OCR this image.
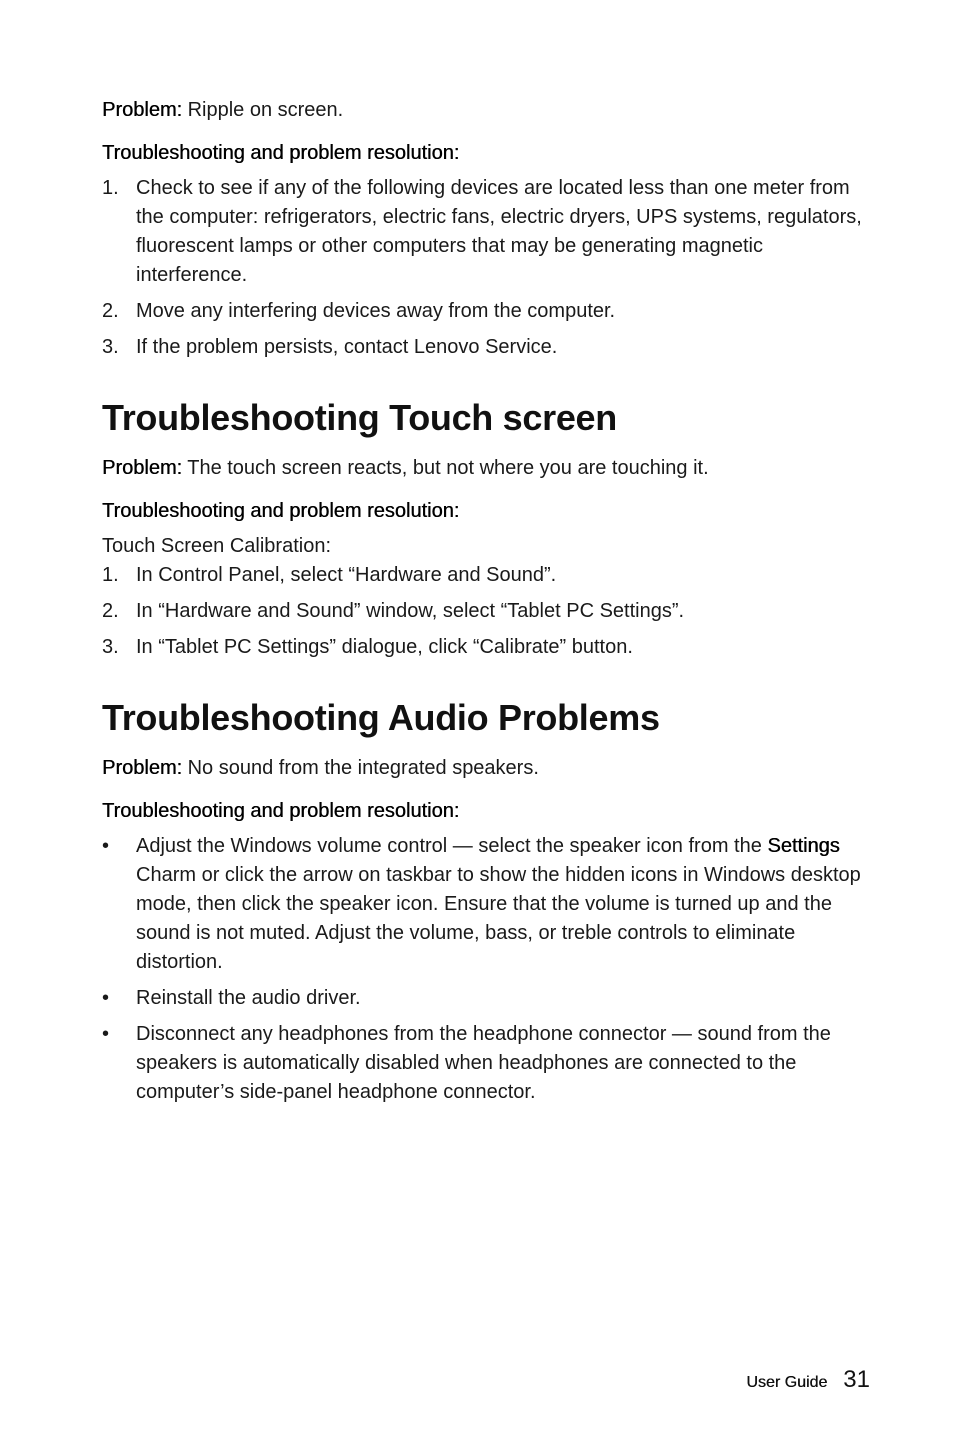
Problem: Ripple on screen.

Troubleshooting and problem resolution:

1. Check to see if any of the following devices are located less than one meter from the computer: refrigerators, electric fans, electric dryers, UPS systems, regulators, fluorescent lamps or other computers that may be generating magnetic interference.
2. Move any interfering devices away from the computer.
3. If the problem persists, contact Lenovo Service.
Troubleshooting Touch screen

Problem: The touch screen reacts, but not where you are touching it.

Troubleshooting and problem resolution:

Touch Screen Calibration:

1. In Control Panel, select “Hardware and Sound”.
2. In “Hardware and Sound” window, select “Tablet PC Settings”.
3. In “Tablet PC Settings” dialogue, click “Calibrate” button.
Troubleshooting Audio Problems

Problem: No sound from the integrated speakers.

Troubleshooting and problem resolution:

• Adjust the Windows volume control — select the speaker icon from the Settings Charm or click the arrow on taskbar to show the hidden icons in Windows desktop mode, then click the speaker icon. Ensure that the volume is turned up and the sound is not muted. Adjust the volume, bass, or treble controls to eliminate distortion.
• Reinstall the audio driver.
• Disconnect any headphones from the headphone connector — sound from the speakers is automatically disabled when headphones are connected to the computer’s side-panel headphone connector.
User Guide 31
